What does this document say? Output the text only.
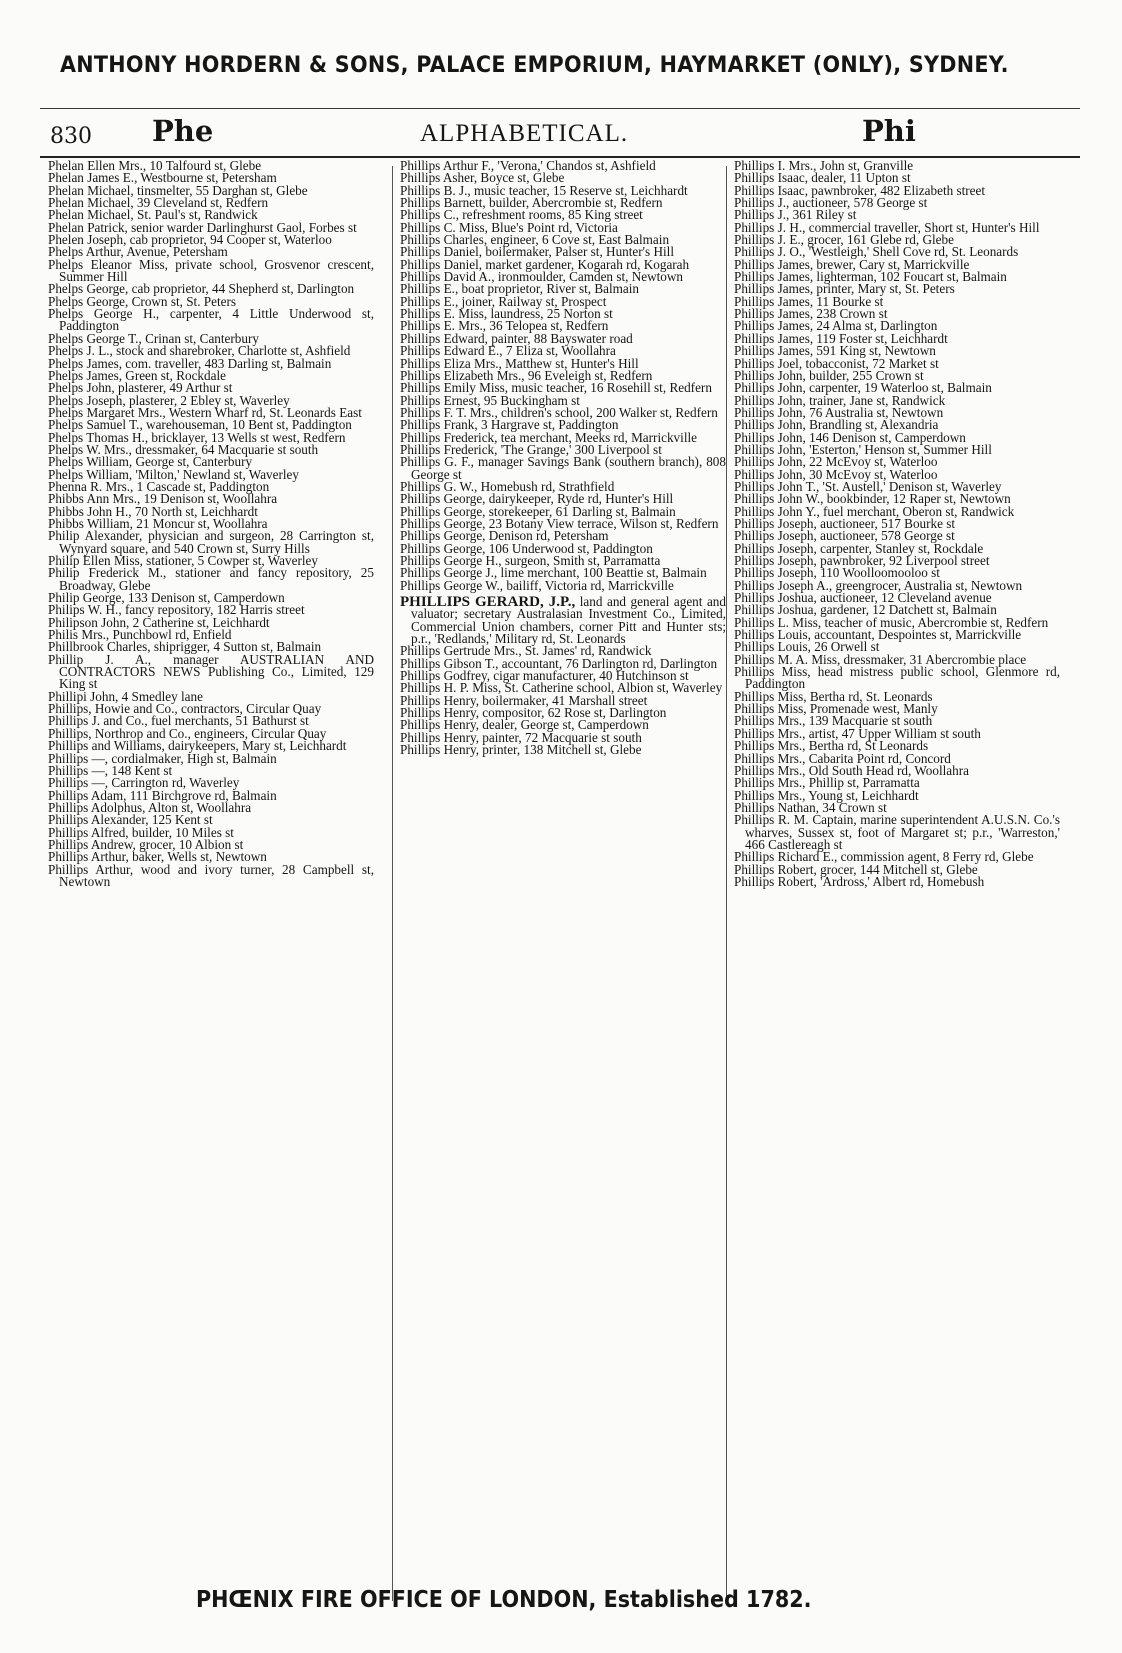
ANTHONY HORDERN & SONS, PALACE EMPORIUM, HAYMARKET (ONLY), SYDNEY.
830 Phe	ALPHABETICAL.	Phi

Phelan Ellen Mrs., 10 Talfourd st, Glebe

Phelan James E., Westbourne st, Petersham

Phelan Michael, tinsmelter, 55 Darghan st, Glebe

Phelan Michael, 39 Cleveland st, Redfern

Phelan Michael, St. Paul's st, Randwick

Phelan Patrick, senior warder Darlinghurst Gaol, Forbes st

Phelen Joseph, cab proprietor, 94 Cooper st, Waterloo

Phelps Arthur, Avenue, Petersham

Phelps Eleanor Miss, private school, Grosvenor crescent, Summer Hill

Phelps George, cab proprietor, 44 Shepherd st, Darlington

Phelps George, Crown st, St. Peters

Phelps George H., carpenter, 4 Little Underwood st, Paddington

Phelps George T., Crinan st, Canterbury

Phelps J. L., stock and sharebroker, Charlotte st, Ashfield

Phelps James, com. traveller, 483 Darling st, Balmain

Phelps James, Green st, Rockdale

Phelps John, plasterer, 49 Arthur st

Phelps Joseph, plasterer, 2 Ebley st, Waverley

Phelps Margaret Mrs., Western Wharf rd, St. Leonards East

Phelps Samuel T., warehouseman, 10 Bent st, Paddington

Phelps Thomas H., bricklayer, 13 Wells st west, Redfern

Phelps W. Mrs., dressmaker, 64 Macquarie st south

Phelps William, George st, Canterbury

Phelps William, 'Milton,' Newland st, Waverley

Phenna R. Mrs., 1 Cascade st, Paddington

Phibbs Ann Mrs., 19 Denison st, Woollahra

Phibbs John H., 70 North st, Leichhardt

Phibbs William, 21 Moncur st, Woollahra

Philip Alexander, physician and surgeon, 28 Carrington st, Wynyard square, and 540 Crown st, Surry Hills

Philip Ellen Miss, stationer, 5 Cowper st, Waverley

Philip Frederick M., stationer and fancy repository, 25 Broadway, Glebe

Philip George, 133 Denison st, Camperdown

Philips W. H., fancy repository, 182 Harris street

Philipson John, 2 Catherine st, Leichhardt

Philis Mrs., Punchbowl rd, Enfield

Phillbrook Charles, shiprigger, 4 Sutton st, Balmain

Phillip J. A., manager AUSTRALIAN AND CONTRACTORS NEWS Publishing Co., Limited, 129 King st

Phillipi John, 4 Smedley lane

Phillips, Howie and Co., contractors, Circular Quay

Phillips J. and Co., fuel merchants, 51 Bathurst st

Phillips, Northrop and Co., engineers, Circular Quay

Phillips and Williams, dairykeepers, Mary st, Leichhardt

Phillips —, cordialmaker, High st, Balmain

Phillips —, 148 Kent st

Phillips —, Carrington rd, Waverley

Phillips Adam, 111 Birchgrove rd, Balmain

Phillips Adolphus, Alton st, Woollahra

Phillips Alexander, 125 Kent st

Phillips Alfred, builder, 10 Miles st

Phillips Andrew, grocer, 10 Albion st

Phillips Arthur, baker, Wells st, Newtown

Phillips Arthur, wood and ivory turner, 28 Campbell st, Newtown

Phillips Arthur F., 'Verona,' Chandos st, Ashfield

Phillips Asher, Boyce st, Glebe

Phillips B. J., music teacher, 15 Reserve st, Leichhardt

Phillips Barnett, builder, Abercrombie st, Redfern

Phillips C., refreshment rooms, 85 King street

Phillips C. Miss, Blue's Point rd, Victoria

Phillips Charles, engineer, 6 Cove st, East Balmain

Phillips Daniel, boilermaker, Palser st, Hunter's Hill

Phillips Daniel, market gardener, Kogarah rd, Kogarah

Phillips David A., ironmoulder, Camden st, Newtown

Phillips E., boat proprietor, River st, Balmain

Phillips E., joiner, Railway st, Prospect

Phillips E. Miss, laundress, 25 Norton st

Phillips E. Mrs., 36 Telopea st, Redfern

Phillips Edward, painter, 88 Bayswater road

Phillips Edward E., 7 Eliza st, Woollahra

Phillips Eliza Mrs., Matthew st, Hunter's Hill

Phillips Elizabeth Mrs., 96 Eveleigh st, Redfern

Phillips Emily Miss, music teacher, 16 Rosehill st, Redfern

Phillips Ernest, 95 Buckingham st

Phillips F. T. Mrs., children's school, 200 Walker st, Redfern

Phillips Frank, 3 Hargrave st, Paddington

Phillips Frederick, tea merchant, Meeks rd, Marrickville

Phillips Frederick, 'The Grange,' 300 Liverpool st

Phillips G. F., manager Savings Bank (southern branch), 808 George st

Phillips G. W., Homebush rd, Strathfield

Phillips George, dairykeeper, Ryde rd, Hunter's Hill

Phillips George, storekeeper, 61 Darling st, Balmain

Phillips George, 23 Botany View terrace, Wilson st, Redfern

Phillips George, Denison rd, Petersham

Phillips George, 106 Underwood st, Paddington

Phillips George H., surgeon, Smith st, Parramatta

Phillips George J., lime merchant, 100 Beattie st, Balmain

Phillips George W., bailiff, Victoria rd, Marrickville

PHILLIPS GERARD, J.P., land and general agent and valuator; secretary Australasian Investment Co., Limited, Commercial Union chambers, corner Pitt and Hunter sts; p.r., 'Redlands,' Military rd, St. Leonards

Phillips Gertrude Mrs., St. James' rd, Randwick

Phillips Gibson T., accountant, 76 Darlington rd, Darlington

Phillips Godfrey, cigar manufacturer, 40 Hutchinson st

Phillips H. P. Miss, St. Catherine school, Albion st, Waverley

Phillips Henry, boilermaker, 41 Marshall street

Phillips Henry, compositor, 62 Rose st, Darlington

Phillips Henry, dealer, George st, Camperdown

Phillips Henry, painter, 72 Macquarie st south

Phillips Henry, printer, 138 Mitchell st, Glebe

Phillips I. Mrs., John st, Granville

Phillips Isaac, dealer, 11 Upton st

Phillips Isaac, pawnbroker, 482 Elizabeth street

Phillips J., auctioneer, 578 George st

Phillips J., 361 Riley st

Phillips J. H., commercial traveller, Short st, Hunter's Hill

Phillips J. E., grocer, 161 Glebe rd, Glebe

Phillips J. O., 'Westleigh,' Shell Cove rd, St. Leonards

Phillips James, brewer, Cary st, Marrickville

Phillips James, lighterman, 102 Foucart st, Balmain

Phillips James, printer, Mary st, St. Peters

Phillips James, 11 Bourke st

Phillips James, 238 Crown st

Phillips James, 24 Alma st, Darlington

Phillips James, 119 Foster st, Leichhardt

Phillips James, 591 King st, Newtown

Phillips Joel, tobacconist, 72 Market st

Phillips John, builder, 255 Crown st

Phillips John, carpenter, 19 Waterloo st, Balmain

Phillips John, trainer, Jane st, Randwick

Phillips John, 76 Australia st, Newtown

Phillips John, Brandling st, Alexandria

Phillips John, 146 Denison st, Camperdown

Phillips John, 'Esterton,' Henson st, Summer Hill

Phillips John, 22 McEvoy st, Waterloo

Phillips John, 30 McEvoy st, Waterloo

Phillips John T., 'St. Austell,' Denison st, Waverley

Phillips John W., bookbinder, 12 Raper st, Newtown

Phillips John Y., fuel merchant, Oberon st, Randwick

Phillips Joseph, auctioneer, 517 Bourke st

Phillips Joseph, auctioneer, 578 George st

Phillips Joseph, carpenter, Stanley st, Rockdale

Phillips Joseph, pawnbroker, 92 Liverpool street

Phillips Joseph, 110 Woolloomooloo st

Phillips Joseph A., greengrocer, Australia st, Newtown

Phillips Joshua, auctioneer, 12 Cleveland avenue

Phillips Joshua, gardener, 12 Datchett st, Balmain

Phillips L. Miss, teacher of music, Abercrombie st, Redfern

Phillips Louis, accountant, Despointes st, Marrickville

Phillips Louis, 26 Orwell st

Phillips M. A. Miss, dressmaker, 31 Abercrombie place

Phillips Miss, head mistress public school, Glenmore rd, Paddington

Phillips Miss, Bertha rd, St. Leonards

Phillips Miss, Promenade west, Manly

Phillips Mrs., 139 Macquarie st south

Phillips Mrs., artist, 47 Upper William st south

Phillips Mrs., Bertha rd, St Leonards

Phillips Mrs., Cabarita Point rd, Concord

Phillips Mrs., Old South Head rd, Woollahra

Phillips Mrs., Phillip st, Parramatta

Phillips Mrs., Young st, Leichhardt

Phillips Nathan, 34 Crown st

Phillips R. M. Captain, marine superintendent A.U.S.N. Co.'s wharves, Sussex st, foot of Margaret st; p.r., 'Warreston,' 466 Castlereagh st

Phillips Richard E., commission agent, 8 Ferry rd, Glebe

Phillips Robert, grocer, 144 Mitchell st, Glebe

Phillips Robert, 'Ardross,' Albert rd, Homebush

PHŒNIX FIRE OFFICE OF LONDON, Established 1782.
